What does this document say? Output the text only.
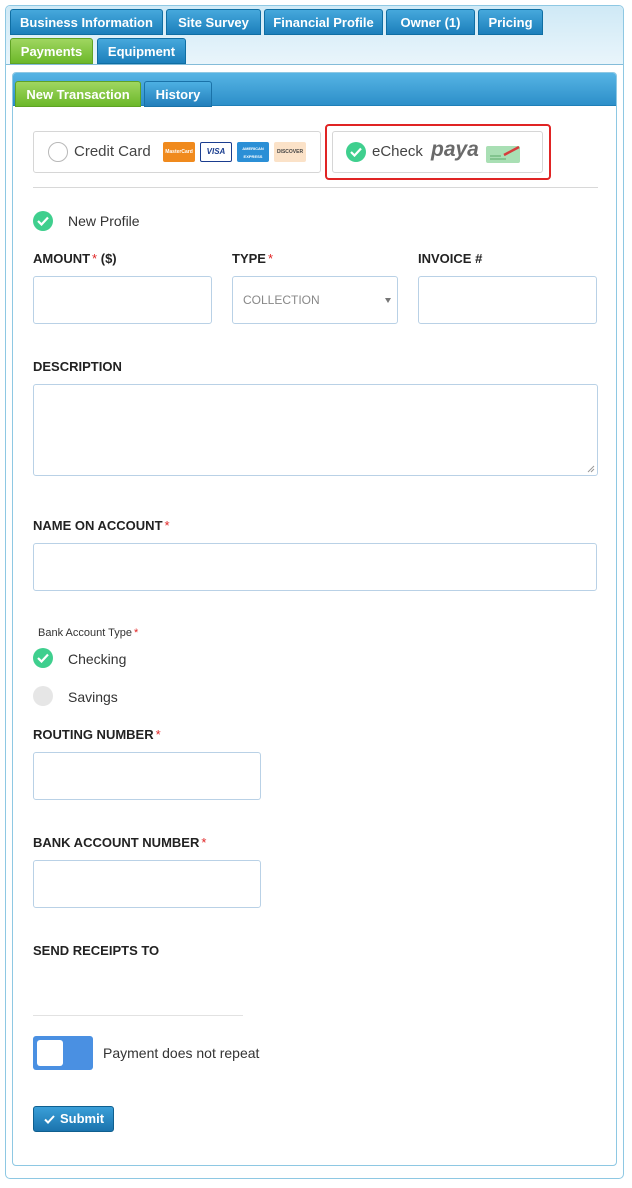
Business Information	Site Survey	Financial Profile	Owner (1)	Pricing
Payments	Equipment
New Transaction	History
Credit Card	MasterCard	VISA	AMERICAN EXPRESS
DISCOVER	eCheck paya
New Profile
AMOUNT * ($)	TYPE *
COLLECTION
INVOICE #
DESCRIPTION
NAME ON ACCOUNT *
Bank Account Type *
Checking
Savings
ROUTING NUMBER *
BANK ACCOUNT NUMBER *
SEND RECEIPTS TO
Payment does not repeat
Submit
